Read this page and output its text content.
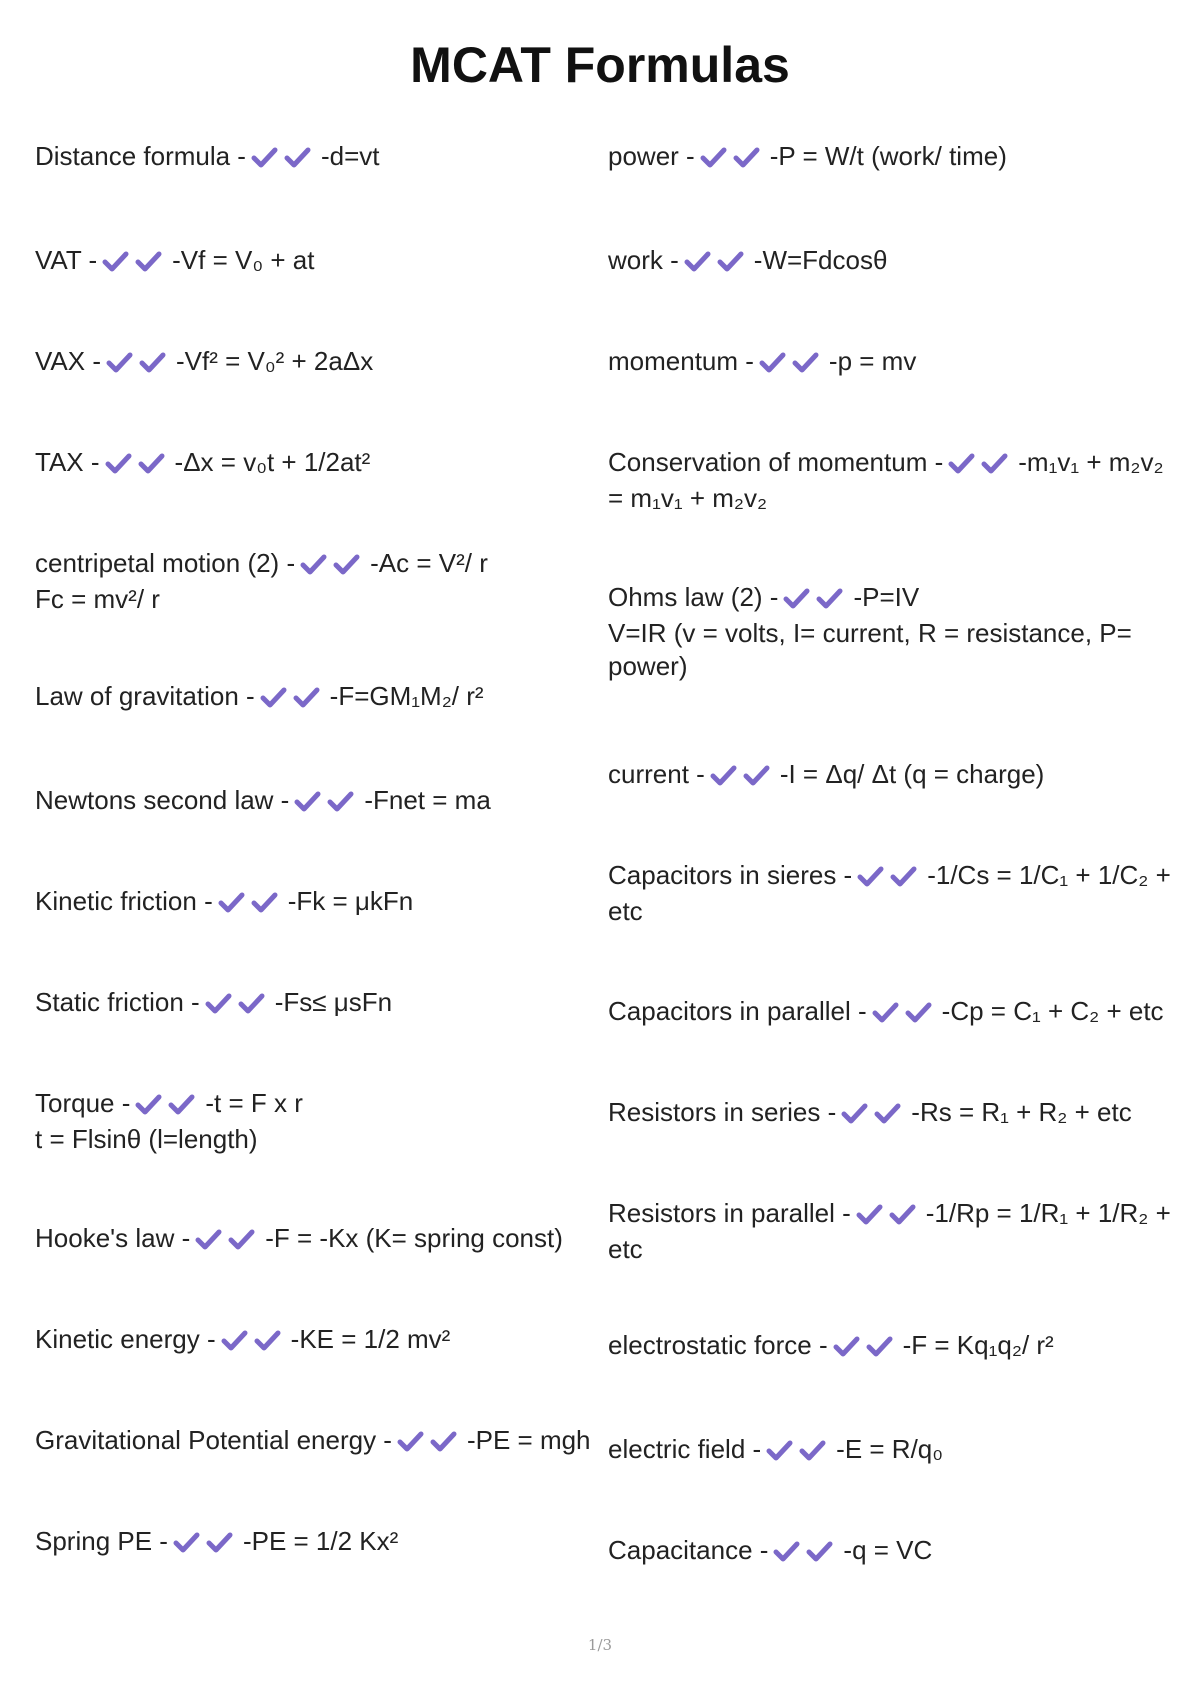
MCAT Formulas
Distance formula -	-d=vt
VAT -	-Vf = V₀ + at
VAX -	-Vf² = V₀² + 2aΔx
TAX -	-Δx = v₀t + 1/2at²
centripetal motion (2) -	-Ac = V²/ r
Fc = mv²/ r
Law of gravitation -	-F=GM₁M₂/ r²
Newtons second law -	-Fnet = ma
Kinetic friction -	-Fk = μkFn
Static friction -	-Fs≤ μsFn
Torque -	-t = F x r
t = Flsinθ (l=length)
Hooke's law -	-F = -Kx (K= spring const)
Kinetic energy -	-KE = 1/2 mv²
Gravitational Potential energy -	-PE = mgh
Spring PE -	-PE = 1/2 Kx²
power -	-P = W/t (work/ time)
work -	-W=Fdcosθ
momentum -	-p = mv
Conservation of momentum -	-m₁v₁ + m₂v₂
= m₁v₁ + m₂v₂
Ohms law (2) -	-P=IV
V=IR (v = volts, I= current, R = resistance, P= power)
current -	-I = Δq/ Δt (q = charge)
Capacitors in sieres -	-1/Cs = 1/C₁ + 1/C₂ +
etc
Capacitors in parallel -	-Cp = C₁ + C₂ + etc
Resistors in series -	-Rs = R₁ + R₂ + etc
Resistors in parallel -	-1/Rp = 1/R₁ + 1/R₂ +
etc
electrostatic force -	-F = Kq₁q₂/ r²
electric field -	-E = R/q₀
Capacitance -	-q = VC
1/3
